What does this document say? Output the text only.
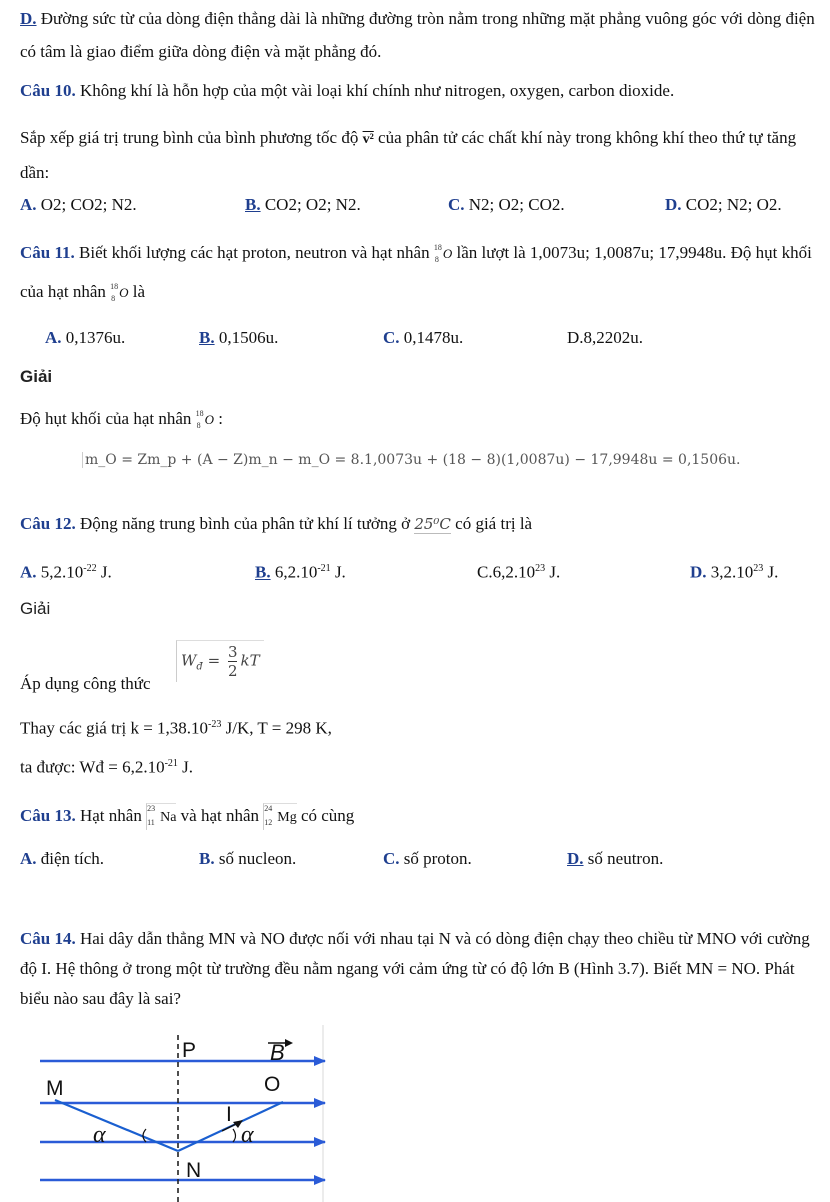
D. Đường sức từ của dòng điện thẳng dài là những đường tròn nằm trong những mặt phẳng vuông góc với dòng điện có tâm là giao điểm giữa dòng điện và mặt phẳng đó.

Câu 10. Không khí là hỗn hợp của một vài loại khí chính như nitrogen, oxygen, carbon dioxide.

Sắp xếp giá trị trung bình của bình phương tốc độ v² của phân tử các chất khí này trong không khí theo thứ tự tăng dần:

A. O2; CO2; N2.	B. CO2; O2; N2.	C. N2; O2; CO2.	D. CO2; N2; O2.

Câu 11. Biết khối lượng các hạt proton, neutron và hạt nhân 18
8 O lần lượt là 1,0073u; 1,0087u; 17,9948u. Độ hụt khối của hạt nhân 18
8 O là

A. 0,1376u.	B. 0,1506u.	C. 0,1478u.	D.8,2202u.
Giải
Độ hụt khối của hạt nhân 18
8 O :
m_O = Zm_p + (A − Z)m_n − m_O = 8.1,0073u + (18 − 8)(1,0087u) − 17,9948u = 0,1506u.
Câu 12. Động năng trung bình của phân tử khí lí tưởng ở 25⁰C có giá trị là
A. $5,2.10^{-22}$ J.	B. $6,2.10^{-21}$ J.	C.6,2.10$^{23}$ J.	D. 3,2.10$^{23}$ J.
Giải
Áp dụng công thức
$W_đ = \frac{3}{2}$ kT
Thay các giá trị $k = 1,38.10^{-23}$ J/K, T = 298 K,
ta được: Wđ = $6,2.10^{-21}$ J.
Câu 13. Hạt nhân 23
11 Na và hạt nhân 24
12 Mg có cùng
A. điện tích.	B. số nucleon.	C. số proton.	D. số neutron.

Câu 14. Hai dây dẫn thẳng MN và NO được nối với nhau tại N và có dòng điện chạy theo chiều từ MNO với cường độ I. Hệ thông ở trong một từ trường đều nằm ngang với cảm ứng từ có độ lớn B (Hình 3.7). Biết MN = NO. Phát biểu nào sau đây là sai?

P	B
M	O
I
α	α
N
